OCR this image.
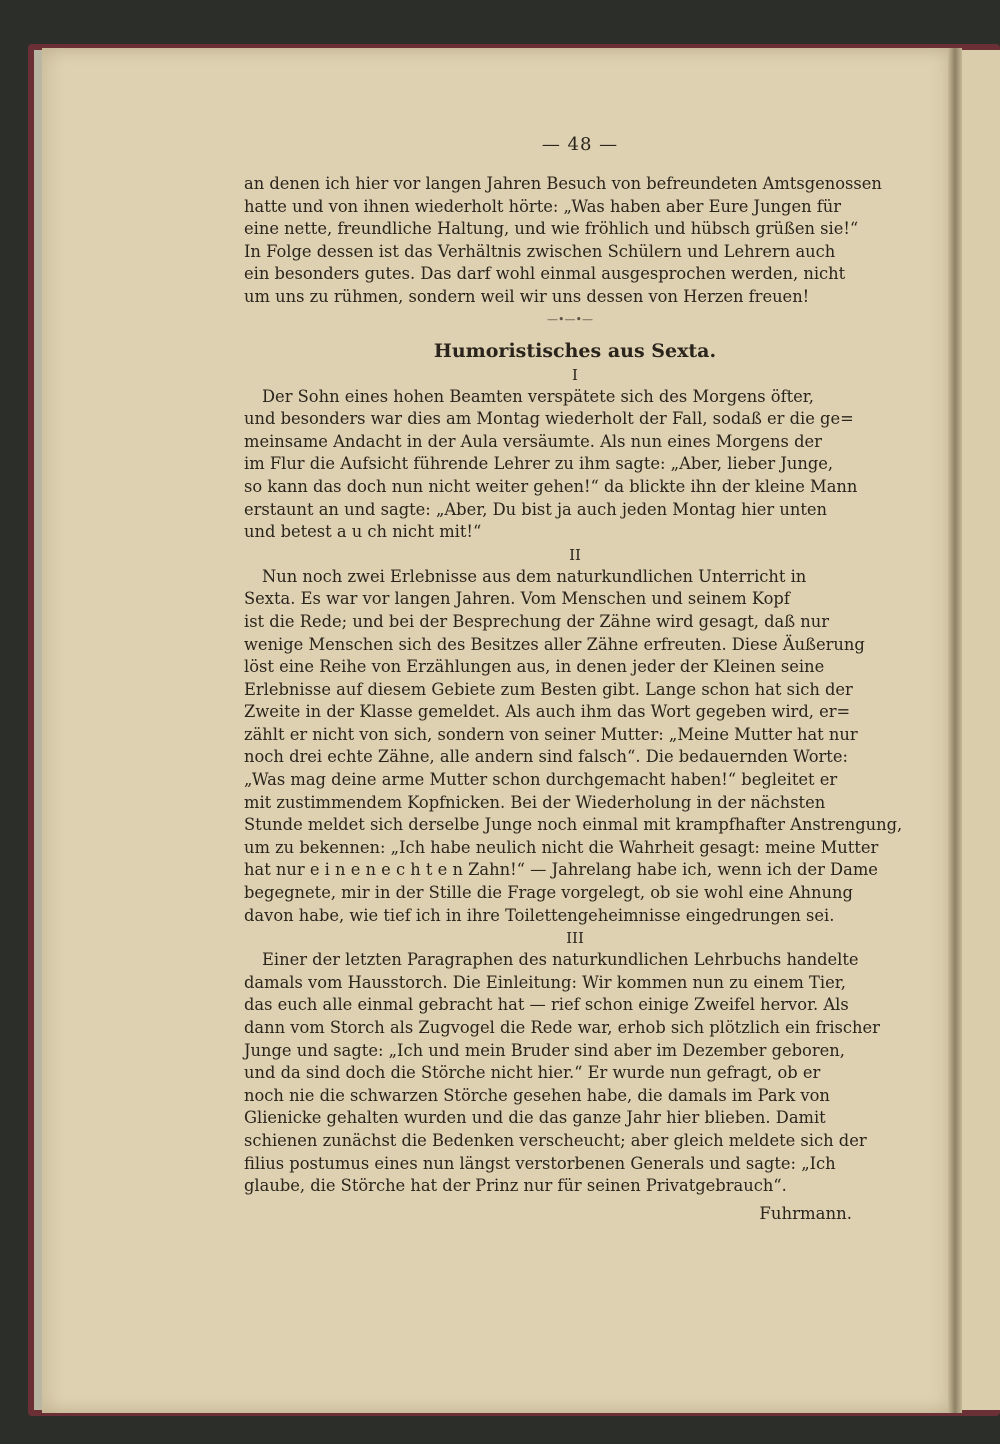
— 48 —

an denen ich hier vor langen Jahren Besuch von befreundeten Amtsgenossen

hatte und von ihnen wiederholt hörte: „Was haben aber Eure Jungen für

eine nette, freundliche Haltung, und wie fröhlich und hübsch grüßen sie!“

In Folge dessen ist das Verhältnis zwischen Schülern und Lehrern auch

ein besonders gutes. Das darf wohl einmal ausgesprochen werden, nicht

um uns zu rühmen, sondern weil wir uns dessen von Herzen freuen!

—•—•—
Humoristisches aus Sexta.
I

Der Sohn eines hohen Beamten verspätete sich des Morgens öfter,

und besonders war dies am Montag wiederholt der Fall, sodaß er die ge=

meinsame Andacht in der Aula versäumte. Als nun eines Morgens der

im Flur die Aufsicht führende Lehrer zu ihm sagte: „Aber, lieber Junge,

so kann das doch nun nicht weiter gehen!“ da blickte ihn der kleine Mann

erstaunt an und sagte: „Aber, Du bist ja auch jeden Montag hier unten

und betest a u ch nicht mit!“

II

Nun noch zwei Erlebnisse aus dem naturkundlichen Unterricht in

Sexta. Es war vor langen Jahren. Vom Menschen und seinem Kopf

ist die Rede; und bei der Besprechung der Zähne wird gesagt, daß nur

wenige Menschen sich des Besitzes aller Zähne erfreuten. Diese Äußerung

löst eine Reihe von Erzählungen aus, in denen jeder der Kleinen seine

Erlebnisse auf diesem Gebiete zum Besten gibt. Lange schon hat sich der

Zweite in der Klasse gemeldet. Als auch ihm das Wort gegeben wird, er=

zählt er nicht von sich, sondern von seiner Mutter: „Meine Mutter hat nur

noch drei echte Zähne, alle andern sind falsch“. Die bedauernden Worte:

„Was mag deine arme Mutter schon durchgemacht haben!“ begleitet er

mit zustimmendem Kopfnicken. Bei der Wiederholung in der nächsten

Stunde meldet sich derselbe Junge noch einmal mit krampfhafter Anstrengung,

um zu bekennen: „Ich habe neulich nicht die Wahrheit gesagt: meine Mutter

hat nur e i n e n e c h t e n Zahn!“ — Jahrelang habe ich, wenn ich der Dame

begegnete, mir in der Stille die Frage vorgelegt, ob sie wohl eine Ahnung

davon habe, wie tief ich in ihre Toilettengeheimnisse eingedrungen sei.

III

Einer der letzten Paragraphen des naturkundlichen Lehrbuchs handelte

damals vom Hausstorch. Die Einleitung: Wir kommen nun zu einem Tier,

das euch alle einmal gebracht hat — rief schon einige Zweifel hervor. Als

dann vom Storch als Zugvogel die Rede war, erhob sich plötzlich ein frischer

Junge und sagte: „Ich und mein Bruder sind aber im Dezember geboren,

und da sind doch die Störche nicht hier.“ Er wurde nun gefragt, ob er

noch nie die schwarzen Störche gesehen habe, die damals im Park von

Glienicke gehalten wurden und die das ganze Jahr hier blieben. Damit

schienen zunächst die Bedenken verscheucht; aber gleich meldete sich der

filius postumus eines nun längst verstorbenen Generals und sagte: „Ich

glaube, die Störche hat der Prinz nur für seinen Privatgebrauch“.

Fuhrmann.
